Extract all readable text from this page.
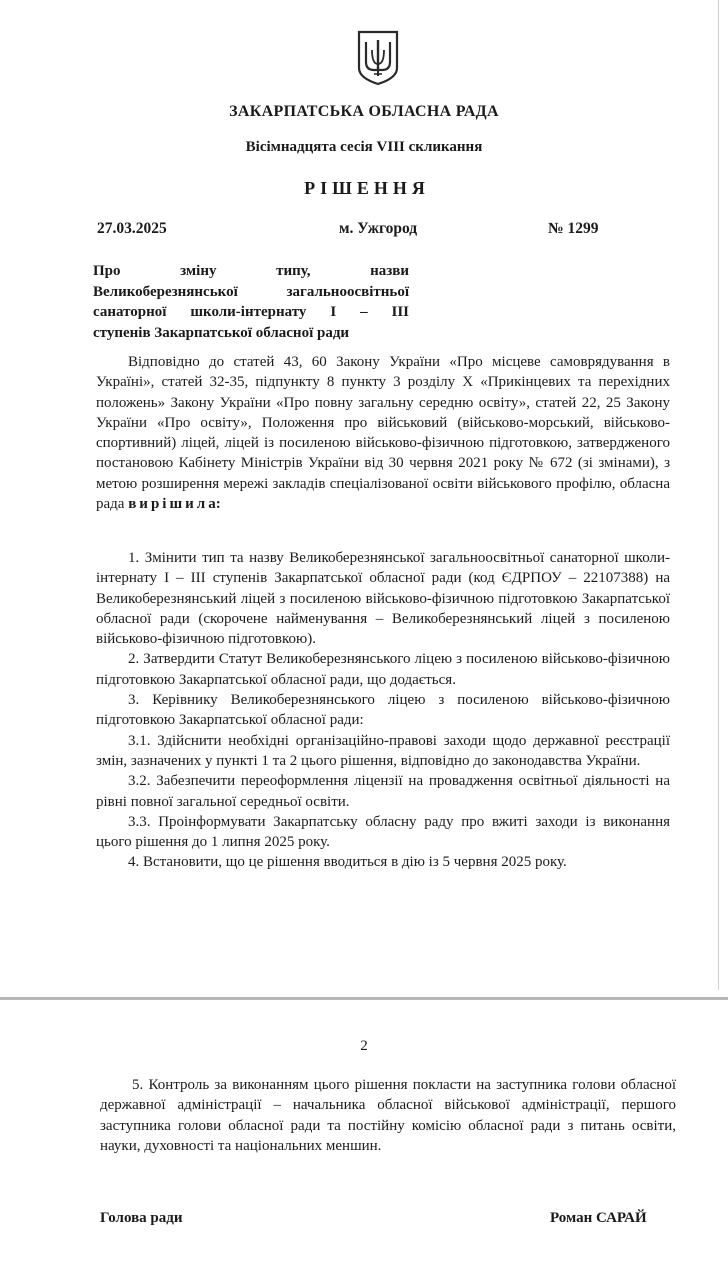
ЗАКАРПАТСЬКА ОБЛАСНА РАДА
Вісімнадцята сесія VIII скликання
РІШЕННЯ
27.03.2025	м. Ужгород	№ 1299
Про зміну типу, назви
Великоберезнянської загальноосвітньої
санаторної школи-інтернату І – ІІІ
ступенів Закарпатської обласної ради
Відповідно до статей 43, 60 Закону України «Про місцеве самоврядування в Україні», статей 32-35, підпункту 8 пункту 3 розділу X «Прикінцевих та перехідних положень» Закону України «Про повну загальну середню освіту», статей 22, 25 Закону України «Про освіту», Положення про військовий (військово-морський, військово-спортивний) ліцей, ліцей із посиленою військово-фізичною підготовкою, затвердженого постановою Кабінету Міністрів України від 30 червня 2021 року № 672 (зі змінами), з метою розширення мережі закладів спеціалізованої освіти військового профілю, обласна рада вирішила:

1. Змінити тип та назву Великоберезнянської загальноосвітньої санаторної школи-інтернату І – ІІІ ступенів Закарпатської обласної ради (код ЄДРПОУ – 22107388) на Великоберезнянський ліцей з посиленою військово-фізичною підготовкою Закарпатської обласної ради (скорочене найменування – Великоберезнянський ліцей з посиленою військово-фізичною підготовкою).

2. Затвердити Статут Великоберезнянського ліцею з посиленою військово-фізичною підготовкою Закарпатської обласної ради, що додається.

3. Керівнику Великоберезнянського ліцею з посиленою військово-фізичною підготовкою Закарпатської обласної ради:

3.1. Здійснити необхідні організаційно-правові заходи щодо державної реєстрації змін, зазначених у пункті 1 та 2 цього рішення, відповідно до законодавства України.

3.2. Забезпечити переоформлення ліцензії на провадження освітньої діяльності на рівні повної загальної середньої освіти.

3.3. Проінформувати Закарпатську обласну раду про вжиті заходи із виконання цього рішення до 1 липня 2025 року.

4. Встановити, що це рішення вводиться в дію із 5 червня 2025 року.

2
5. Контроль за виконанням цього рішення покласти на заступника голови обласної державної адміністрації – начальника обласної військової адміністрації, першого заступника голови обласної ради та постійну комісію обласної ради з питань освіти, науки, духовності та національних меншин.
Голова ради	Роман САРАЙ
